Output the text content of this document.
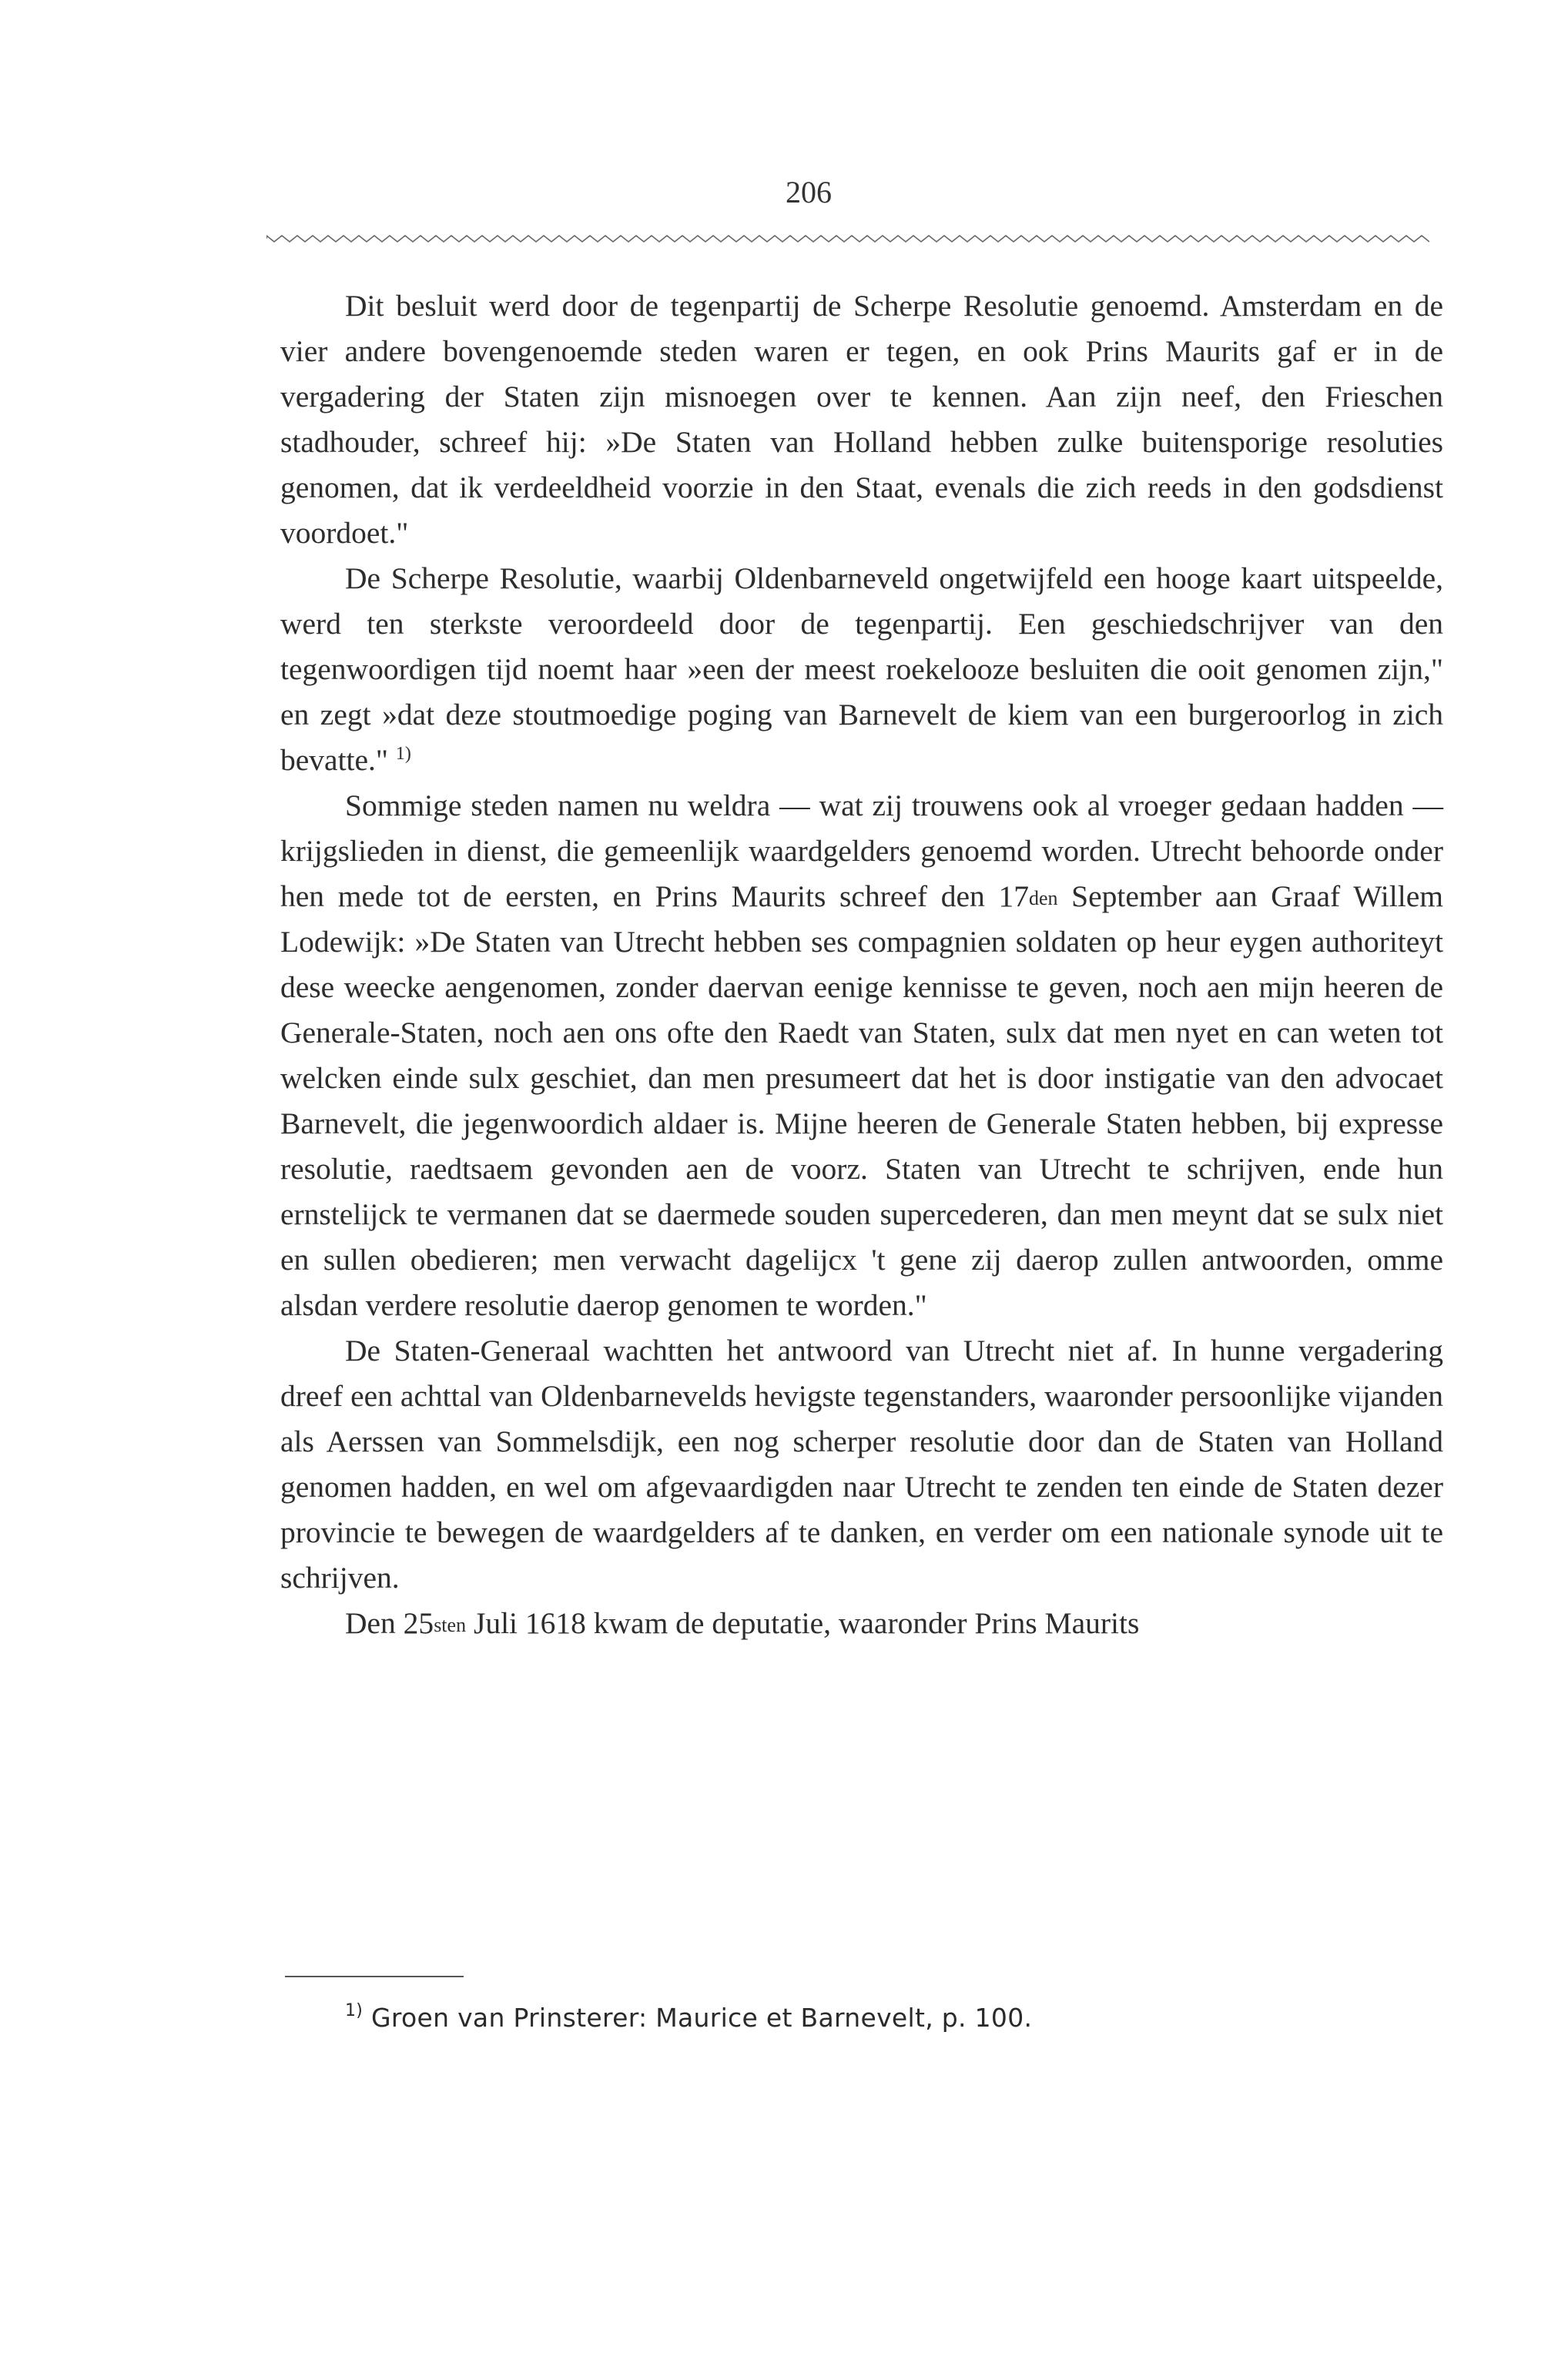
206

Dit besluit werd door de tegenpartij de Scherpe Resolutie genoemd. Amsterdam en de vier andere bovengenoemde steden waren er tegen, en ook Prins Maurits gaf er in de vergadering der Staten zijn misnoegen over te kennen. Aan zijn neef, den Frieschen stadhouder, schreef hij: »De Staten van Holland hebben zulke buitensporige resoluties genomen, dat ik verdeeldheid voorzie in den Staat, evenals die zich reeds in den godsdienst voordoet."

De Scherpe Resolutie, waarbij Oldenbarneveld ongetwijfeld een hooge kaart uitspeelde, werd ten sterkste veroordeeld door de tegenpartij. Een geschiedschrijver van den tegenwoordigen tijd noemt haar »een der meest roekelooze besluiten die ooit genomen zijn," en zegt »dat deze stoutmoedige poging van Barnevelt de kiem van een burgeroorlog in zich bevatte." $^{1)}$

Sommige steden namen nu weldra — wat zij trouwens ook al vroeger gedaan hadden — krijgslieden in dienst, die gemeenlijk waardgelders genoemd worden. Utrecht behoorde onder hen mede tot de eersten, en Prins Maurits schreef den $17^{den}$ September aan Graaf Willem Lodewijk: »De Staten van Utrecht hebben ses compagnien soldaten op heur eygen authoriteyt dese weecke aengenomen, zonder daervan eenige kennisse te geven, noch aen mijn heeren de Generale-Staten, noch aen ons ofte den Raedt van Staten, sulx dat men nyet en can weten tot welcken einde sulx geschiet, dan men presumeert dat het is door instigatie van den advocaet Barnevelt, die jegenwoordich aldaer is. Mijne heeren de Generale Staten hebben, bij expresse resolutie, raedtsaem gevonden aen de voorz. Staten van Utrecht te schrijven, ende hun ernstelijck te vermanen dat se daermede souden supercederen, dan men meynt dat se sulx niet en sullen obedieren; men verwacht dagelijcx 't gene zij daerop zullen antwoorden, omme alsdan verdere resolutie daerop genomen te worden."

De Staten-Generaal wachtten het antwoord van Utrecht niet af. In hunne vergadering dreef een achttal van Oldenbarnevelds hevigste tegenstanders, waaronder persoonlijke vijanden als Aerssen van Sommelsdijk, een nog scherper resolutie door dan de Staten van Holland genomen hadden, en wel om afgevaardigden naar Utrecht te zenden ten einde de Staten dezer provincie te bewegen de waardgelders af te danken, en verder om een nationale synode uit te schrijven.

Den $25^{sten}$ Juli 1618 kwam de deputatie, waaronder Prins Maurits

$^{1)}$ Groen van Prinsterer: Maurice et Barnevelt, p. 100.
